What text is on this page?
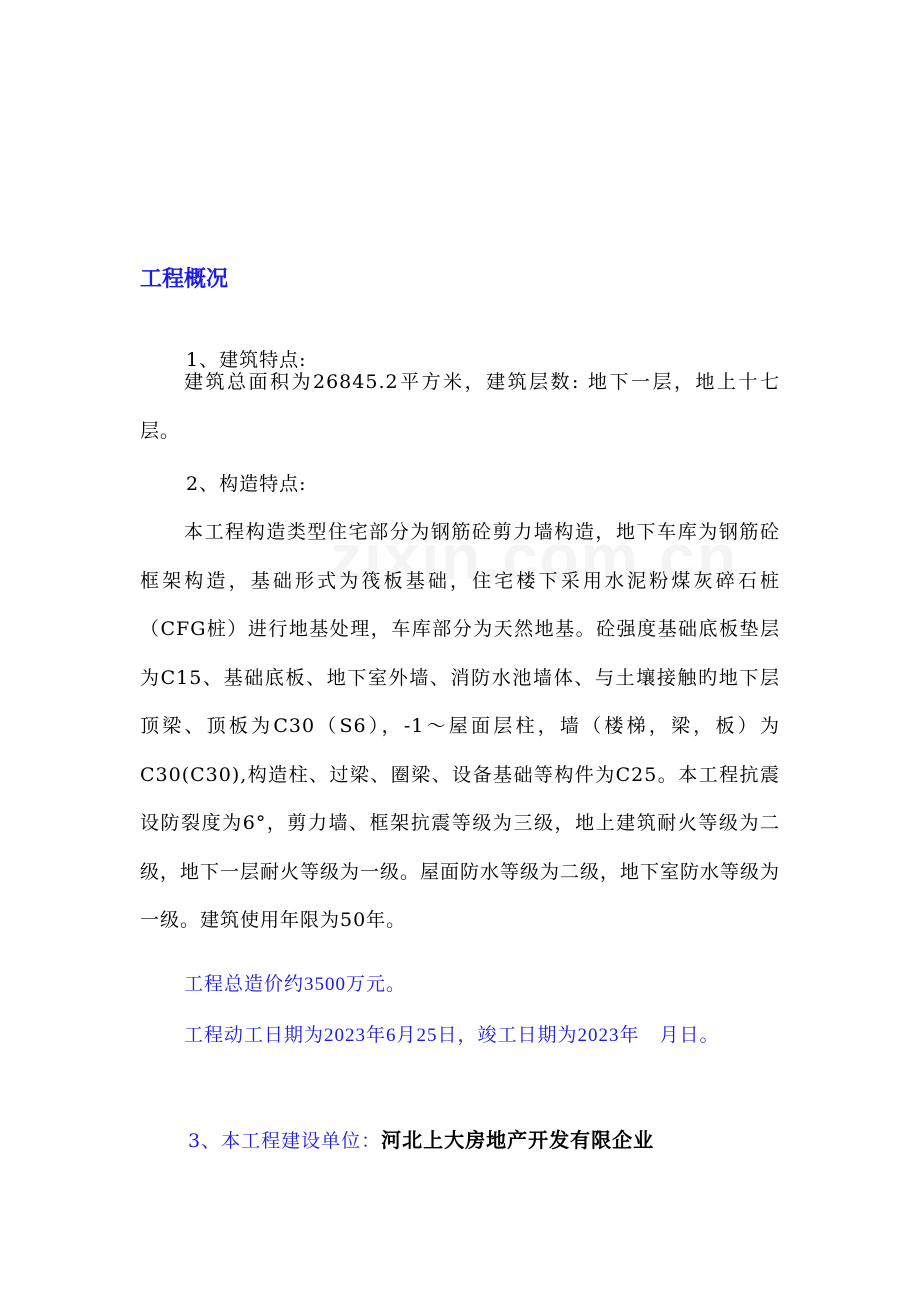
工程概况
1、建筑特点:
建筑总面积为26845.2平方米，建筑层数: 地下一层，地上十七层。
2、构造特点:
本工程构造类型住宅部分为钢筋砼剪力墙构造，地下车库为钢筋砼框架构造，基础形式为筏板基础，住宅楼下采用水泥粉煤灰碎石桩（CFG桩）进行地基处理，车库部分为天然地基。砼强度基础底板垫层为C15、基础底板、地下室外墙、消防水池墙体、与土壤接触旳地下层顶梁、顶板为C30（S6），-1～屋面层柱，墙（楼梯，梁，板）为C30(C30),构造柱、过梁、圈梁、设备基础等构件为C25。本工程抗震设防裂度为6°，剪力墙、框架抗震等级为三级，地上建筑耐火等级为二级，地下一层耐火等级为一级。屋面防水等级为二级，地下室防水等级为一级。建筑使用年限为50年。
工程总造价约3500万元。
工程动工日期为2023年6月25日，竣工日期为2023年　月日。
3、本工程建设单位：河北上大房地产开发有限企业
